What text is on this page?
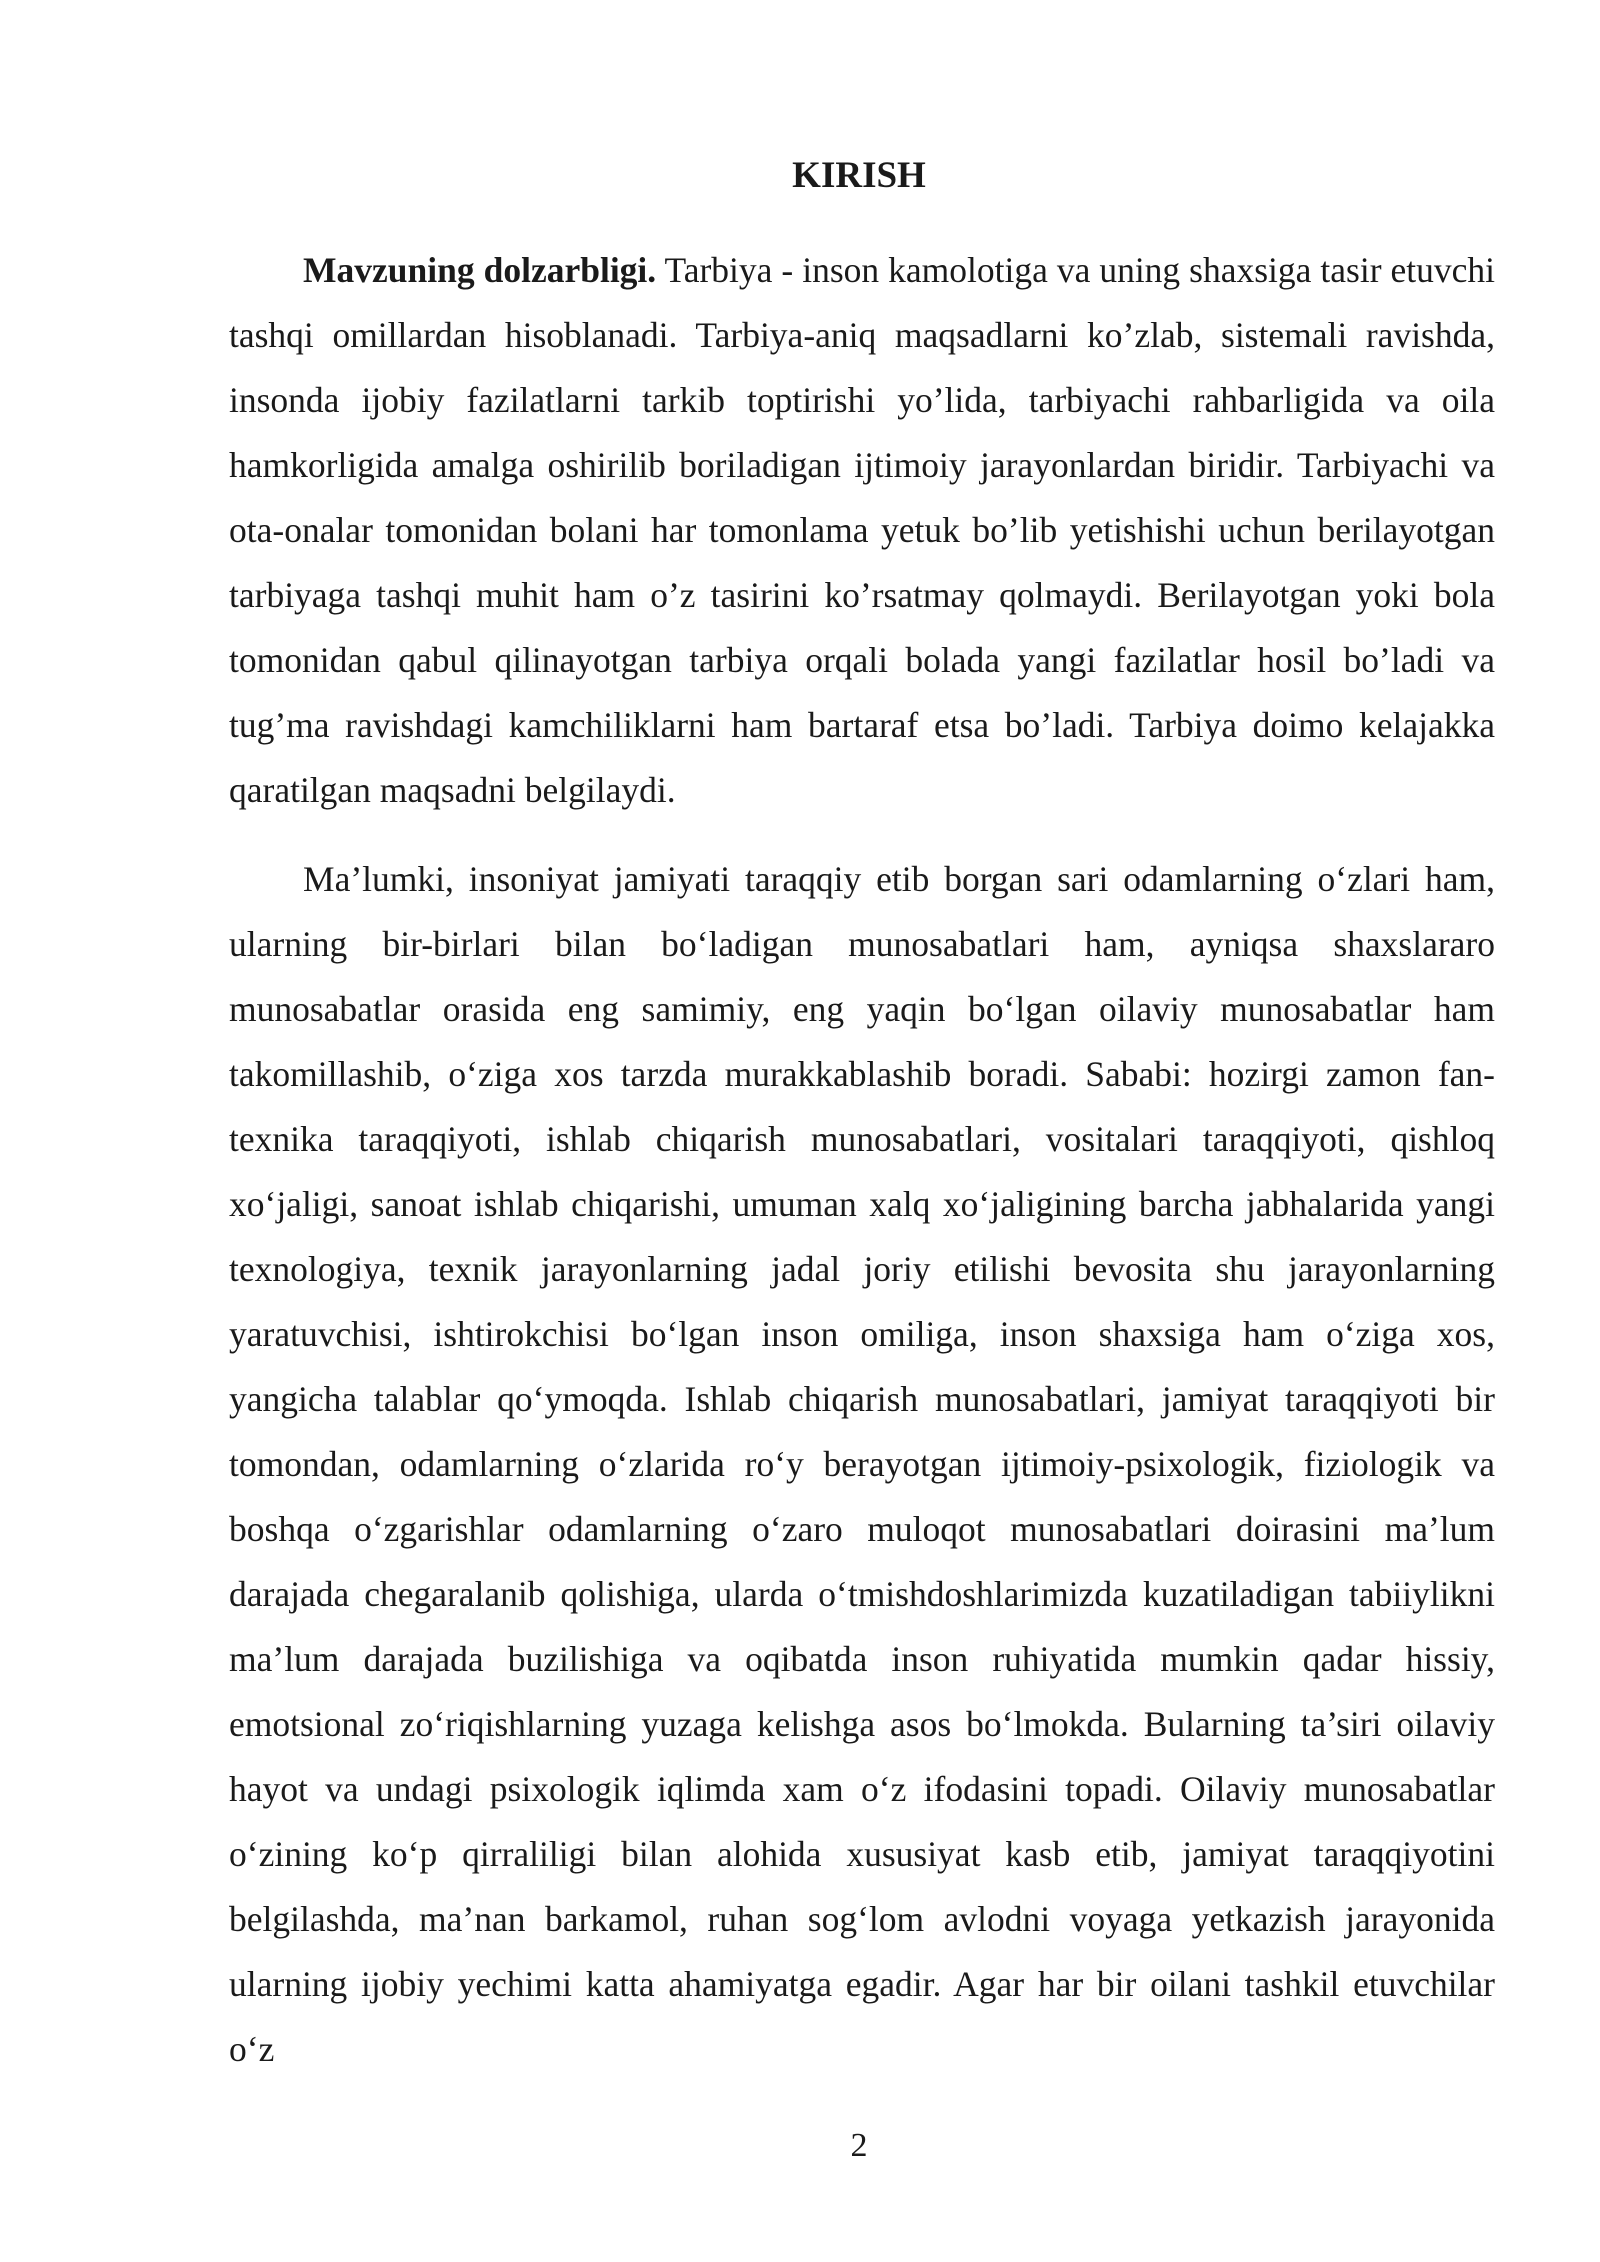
KIRISH

Mavzuning dolzarbligi. Tarbiya - inson kamolotiga va uning shaxsiga tasir etuvchi tashqi omillardan hisoblanadi. Tarbiya-aniq maqsadlarni ko’zlab, sistemali ravishda, insonda ijobiy fazilatlarni tarkib toptirishi yo’lida, tarbiyachi rahbarligida va oila hamkorligida amalga oshirilib boriladigan ijtimoiy jarayonlardan biridir. Tarbiyachi va ota-onalar tomonidan bolani har tomonlama yetuk bo’lib yetishishi uchun berilayotgan tarbiyaga tashqi muhit ham o’z tasirini ko’rsatmay qolmaydi. Berilayotgan yoki bola tomonidan qabul qilinayotgan tarbiya orqali bolada yangi fazilatlar hosil bo’ladi va tug’ma ravishdagi kamchiliklarni ham bartaraf etsa bo’ladi. Tarbiya doimo kelajakka qaratilgan maqsadni belgilaydi.

Ma’lumki, insoniyat jamiyati taraqqiy etib borgan sari odamlarning o‘zlari ham, ularning bir-birlari bilan bo‘ladigan munosabatlari ham, ayniqsa shaxslararo munosabatlar orasida eng samimiy, eng yaqin bo‘lgan oilaviy munosabatlar ham takomillashib, o‘ziga xos tarzda murakkablashib boradi. Sababi: hozirgi zamon fan-texnika taraqqiyoti, ishlab chiqarish munosabatlari, vositalari taraqqiyoti, qishloq xo‘jaligi, sanoat ishlab chiqarishi, umuman xalq xo‘jaligining barcha jabhalarida yangi texnologiya, texnik jarayonlarning jadal joriy etilishi bevosita shu jarayonlarning yaratuvchisi, ishtirokchisi bo‘lgan inson omiliga, inson shaxsiga ham o‘ziga xos, yangicha talablar qo‘ymoqda. Ishlab chiqarish munosabatlari, jamiyat taraqqiyoti bir tomondan, odamlarning o‘zlarida ro‘y berayotgan ijtimoiy-psixologik, fiziologik va boshqa o‘zgarishlar odamlarning o‘zaro muloqot munosabatlari doirasini ma’lum darajada chegaralanib qolishiga, ularda o‘tmishdoshlarimizda kuzatiladigan tabiiylikni ma’lum darajada buzilishiga va oqibatda inson ruhiyatida mumkin qadar hissiy, emotsional zo‘riqishlarning yuzaga kelishga asos bo‘lmokda. Bularning ta’siri oilaviy hayot va undagi psixologik iqlimda xam o‘z ifodasini topadi. Oilaviy munosabatlar o‘zining ko‘p qirraliligi bilan alohida xususiyat kasb etib, jamiyat taraqqiyotini belgilashda, ma’nan barkamol, ruhan sog‘lom avlodni voyaga yetkazish jarayonida ularning ijobiy yechimi katta ahamiyatga egadir. Agar har bir oilani tashkil etuvchilar o‘z

2
